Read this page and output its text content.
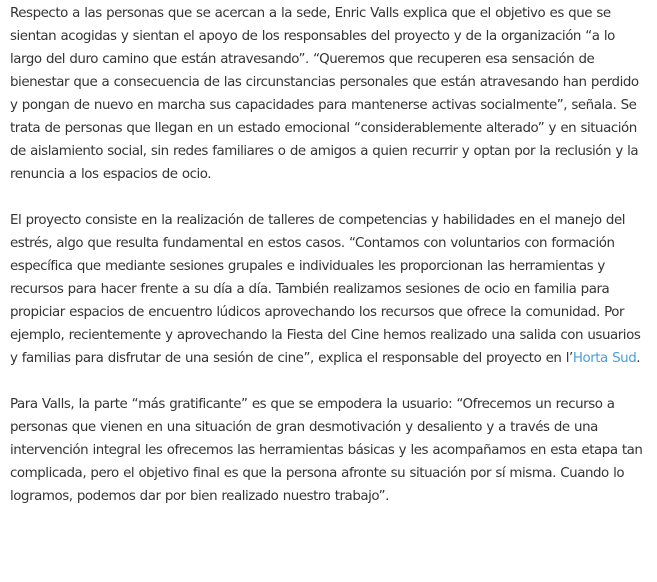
Respecto a las personas que se acercan a la sede, Enric Valls explica que el objetivo es que se sientan acogidas y sientan el apoyo de los responsables del proyecto y de la organización “a lo largo del duro camino que están atravesando”. “Queremos que recuperen esa sensación de bienestar que a consecuencia de las circunstancias personales que están atravesando han perdido y pongan de nuevo en marcha sus capacidades para mantenerse activas socialmente”, señala. Se trata de personas que llegan en un estado emocional “considerablemente alterado” y en situación de aislamiento social, sin redes familiares o de amigos a quien recurrir y optan por la reclusión y la renuncia a los espacios de ocio.

El proyecto consiste en la realización de talleres de competencias y habilidades en el manejo del estrés, algo que resulta fundamental en estos casos. “Contamos con voluntarios con formación específica que mediante sesiones grupales e individuales les proporcionan las herramientas y recursos para hacer frente a su día a día. También realizamos sesiones de ocio en familia para propiciar espacios de encuentro lúdicos aprovechando los recursos que ofrece la comunidad. Por ejemplo, recientemente y aprovechando la Fiesta del Cine hemos realizado una salida con usuarios y familias para disfrutar de una sesión de cine”, explica el responsable del proyecto en l’Horta Sud.

Para Valls, la parte “más gratificante” es que se empodera la usuario: “Ofrecemos un recurso a personas que vienen en una situación de gran desmotivación y desaliento y a través de una intervención integral les ofrecemos las herramientas básicas y les acompañamos en esta etapa tan complicada, pero el objetivo final es que la persona afronte su situación por sí misma. Cuando lo logramos, podemos dar por bien realizado nuestro trabajo”.
